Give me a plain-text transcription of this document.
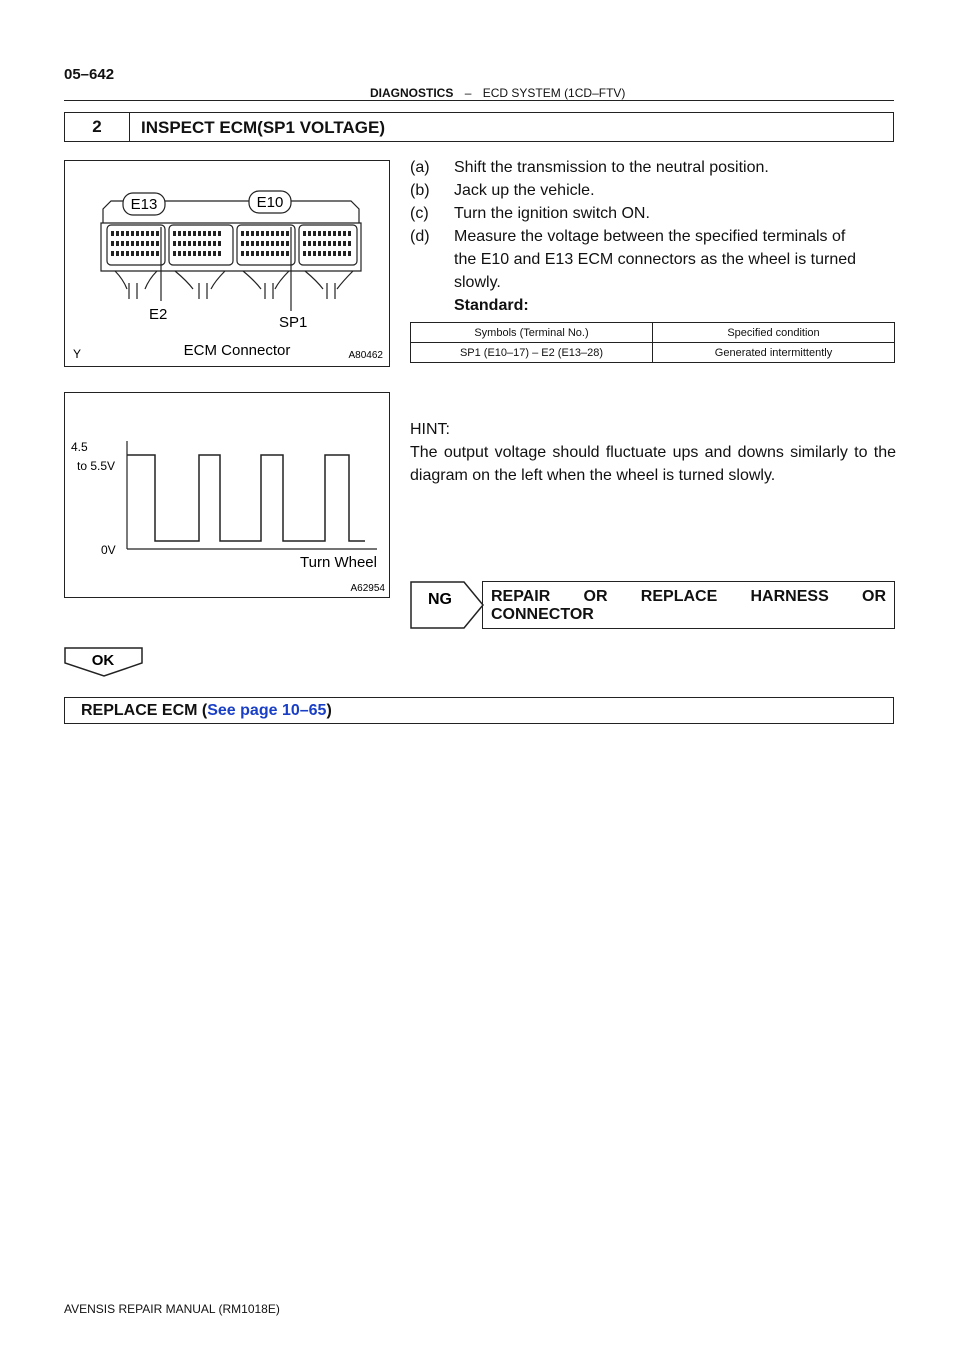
05–642
DIAGNOSTICS – ECD SYSTEM (1CD–FTV)
2	INSPECT ECM(SP1 VOLTAGE)
E13	E10
E2	SP1
Y	ECM Connector	A80462
(a) Shift the transmission to the neutral position.
(b) Jack up the vehicle.
(c) Turn the ignition switch ON.
(d) Measure the voltage between the specified terminals of
the E10 and E13 ECM connectors as the wheel is turned
slowly.
Standard:
Symbols (Terminal No.)	Specified condition
SP1 (E10–17) – E2 (E13–28)	Generated intermittently
4.5
to 5.5V
0V
Turn Wheel
A62954
HINT:
The output voltage should fluctuate ups and downs similarly to the diagram on the left when the wheel is turned slowly.
NG	REPAIR OR REPLACE HARNESS OR
CONNECTOR
OK
REPLACE ECM (See page 10–65)
AVENSIS REPAIR MANUAL (RM1018E)
